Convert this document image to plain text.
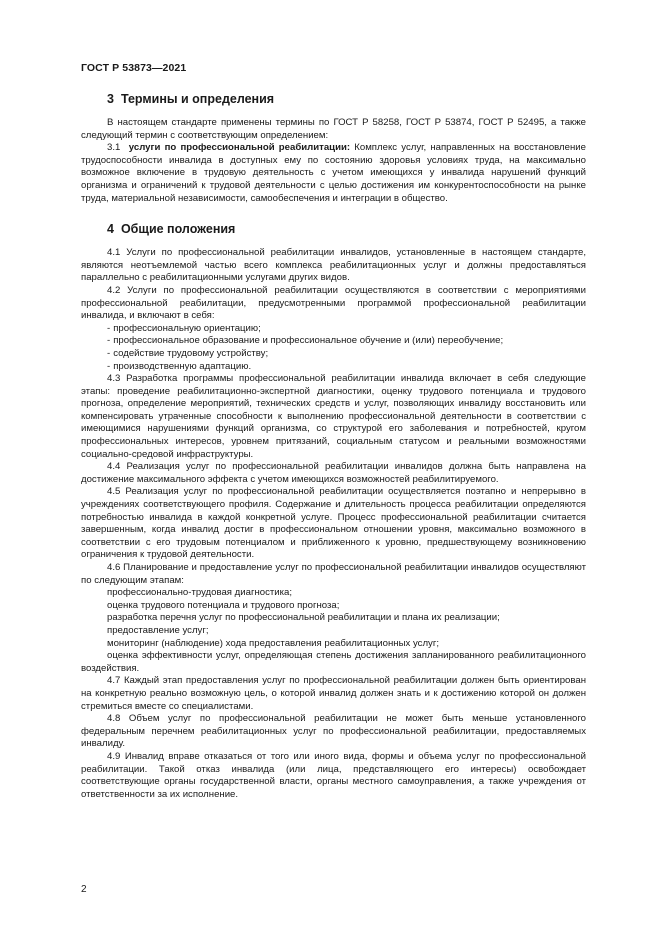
ГОСТ Р 53873—2021
3 Термины и определения

В настоящем стандарте применены термины по ГОСТ Р 58258, ГОСТ Р 53874, ГОСТ Р 52495, а также следующий термин с соответствующим определением:

3.1 услуги по профессиональной реабилитации: Комплекс услуг, направленных на восстановление трудоспособности инвалида в доступных ему по состоянию здоровья условиях труда, на максимально возможное включение в трудовую деятельность с учетом имеющихся у инвалида нарушений функций организма и ограничений к трудовой деятельности с целью достижения им конкурентоспособности на рынке труда, материальной независимости, самообеспечения и интеграции в общество.

4 Общие положения

4.1 Услуги по профессиональной реабилитации инвалидов, установленные в настоящем стандарте, являются неотъемлемой частью всего комплекса реабилитационных услуг и должны предоставляться параллельно с реабилитационными услугами других видов.

4.2 Услуги по профессиональной реабилитации осуществляются в соответствии с мероприятиями профессиональной реабилитации, предусмотренными программой профессиональной реабилитации инвалида, и включают в себя:

- профессиональную ориентацию;

- профессиональное образование и профессиональное обучение и (или) переобучение;

- содействие трудовому устройству;

- производственную адаптацию.

4.3 Разработка программы профессиональной реабилитации инвалида включает в себя следующие этапы: проведение реабилитационно-экспертной диагностики, оценку трудового потенциала и трудового прогноза, определение мероприятий, технических средств и услуг, позволяющих инвалиду восстановить или компенсировать утраченные способности к выполнению профессиональной деятельности в соответствии с имеющимися нарушениями функций организма, со структурой его заболевания и потребностей, кругом профессиональных интересов, уровнем притязаний, социальным статусом и реальными возможностями социально-средовой инфраструктуры.

4.4 Реализация услуг по профессиональной реабилитации инвалидов должна быть направлена на достижение максимального эффекта с учетом имеющихся возможностей реабилитируемого.

4.5 Реализация услуг по профессиональной реабилитации осуществляется поэтапно и непрерывно в учреждениях соответствующего профиля. Содержание и длительность процесса реабилитации определяются потребностью инвалида в каждой конкретной услуге. Процесс профессиональной реабилитации считается завершенным, когда инвалид достиг в профессиональном отношении уровня, максимально возможного в соответствии с его трудовым потенциалом и приближенного к уровню, предшествующему возникновению ограничения к трудовой деятельности.

4.6 Планирование и предоставление услуг по профессиональной реабилитации инвалидов осуществляют по следующим этапам:

профессионально-трудовая диагностика;

оценка трудового потенциала и трудового прогноза;

разработка перечня услуг по профессиональной реабилитации и плана их реализации;

предоставление услуг;

мониторинг (наблюдение) хода предоставления реабилитационных услуг;

оценка эффективности услуг, определяющая степень достижения запланированного реабилитационного воздействия.

4.7 Каждый этап предоставления услуг по профессиональной реабилитации должен быть ориентирован на конкретную реально возможную цель, о которой инвалид должен знать и к достижению которой он должен стремиться вместе со специалистами.

4.8 Объем услуг по профессиональной реабилитации не может быть меньше установленного федеральным перечнем реабилитационных услуг по профессиональной реабилитации, предоставляемых инвалиду.

4.9 Инвалид вправе отказаться от того или иного вида, формы и объема услуг по профессиональной реабилитации. Такой отказ инвалида (или лица, представляющего его интересы) освобождает соответствующие органы государственной власти, органы местного самоуправления, а также учреждения от ответственности за их исполнение.

2
